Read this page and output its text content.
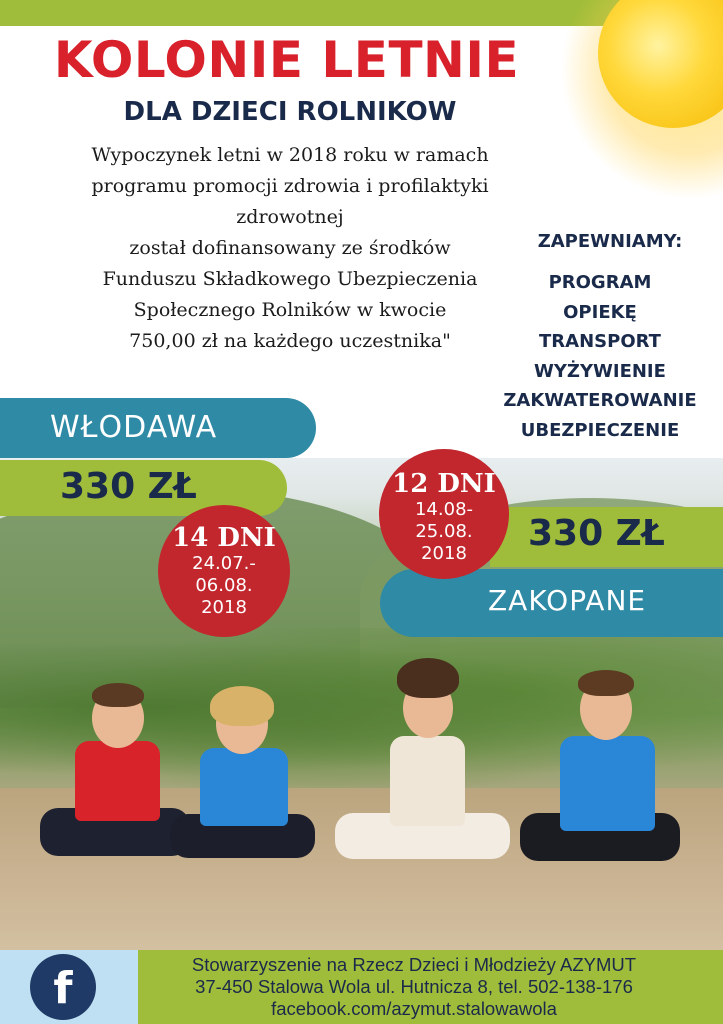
KOLONIE LETNIE
DLA DZIECI ROLNIKOW
Wypoczynek letni w 2018 roku w ramach
programu promocji zdrowia i profilaktyki
zdrowotnej
został dofinansowany ze środków
Funduszu Składkowego Ubezpieczenia
Społecznego Rolników w kwocie
750,00 zł na każdego uczestnika"
ZAPEWNIAMY:
PROGRAM
OPIEKĘ
TRANSPORT
WYŻYWIENIE
ZAKWATEROWANIE
UBEZPIECZENIE
WŁODAWA
330 ZŁ
14 DNI
24.07.-
06.08.
2018
330 ZŁ
ZAKOPANE
12 DNI
14.08-
25.08.
2018
f	Stowarzyszenie na Rzecz Dzieci i Młodzieży AZYMUT
37-450 Stalowa Wola ul. Hutnicza 8, tel. 502-138-176
facebook.com/azymut.stalowawola
